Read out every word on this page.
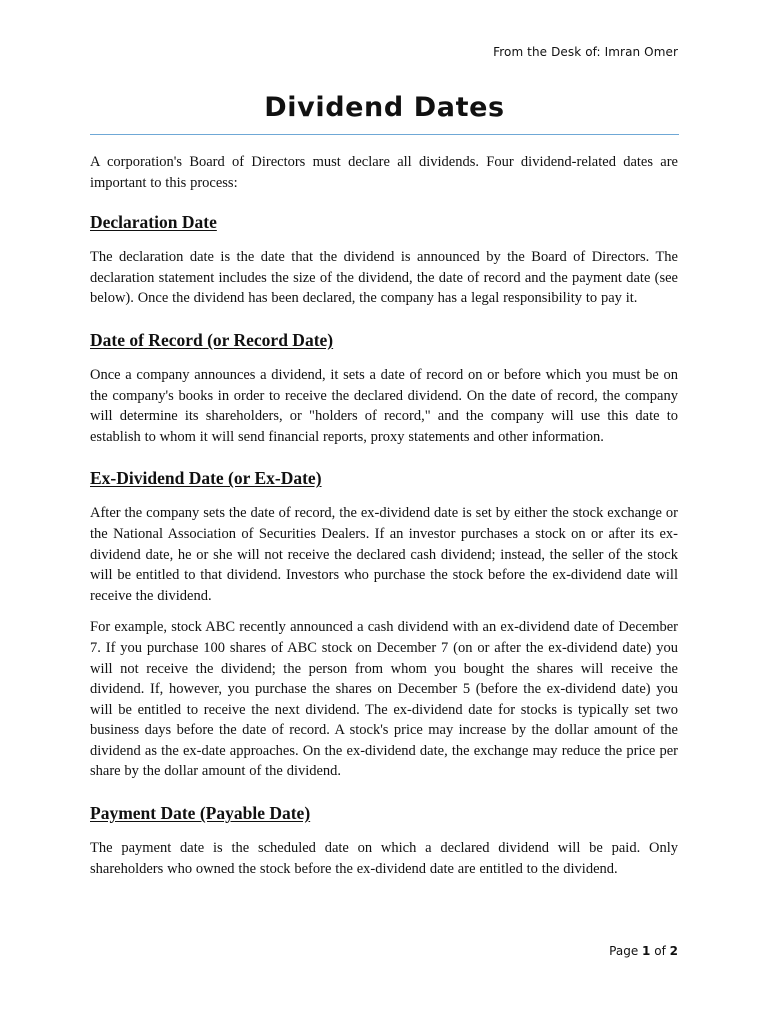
From the Desk of: Imran Omer
Dividend Dates

A corporation's Board of Directors must declare all dividends. Four dividend-related dates are important to this process:

Declaration Date

The declaration date is the date that the dividend is announced by the Board of Directors. The declaration statement includes the size of the dividend, the date of record and the payment date (see below). Once the dividend has been declared, the company has a legal responsibility to pay it.

Date of Record (or Record Date)

Once a company announces a dividend, it sets a date of record on or before which you must be on the company's books in order to receive the declared dividend. On the date of record, the company will determine its shareholders, or "holders of record," and the company will use this date to establish to whom it will send financial reports, proxy statements and other information.

Ex-Dividend Date (or Ex-Date)

After the company sets the date of record, the ex-dividend date is set by either the stock exchange or the National Association of Securities Dealers. If an investor purchases a stock on or after its ex-dividend date, he or she will not receive the declared cash dividend; instead, the seller of the stock will be entitled to that dividend. Investors who purchase the stock before the ex-dividend date will receive the dividend.

For example, stock ABC recently announced a cash dividend with an ex-dividend date of December 7. If you purchase 100 shares of ABC stock on December 7 (on or after the ex-dividend date) you will not receive the dividend; the person from whom you bought the shares will receive the dividend. If, however, you purchase the shares on December 5 (before the ex-dividend date) you will be entitled to receive the next dividend. The ex-dividend date for stocks is typically set two business days before the date of record. A stock's price may increase by the dollar amount of the dividend as the ex-date approaches. On the ex-dividend date, the exchange may reduce the price per share by the dollar amount of the dividend.

Payment Date (Payable Date)

The payment date is the scheduled date on which a declared dividend will be paid. Only shareholders who owned the stock before the ex-dividend date are entitled to the dividend.

Page 1 of 2
